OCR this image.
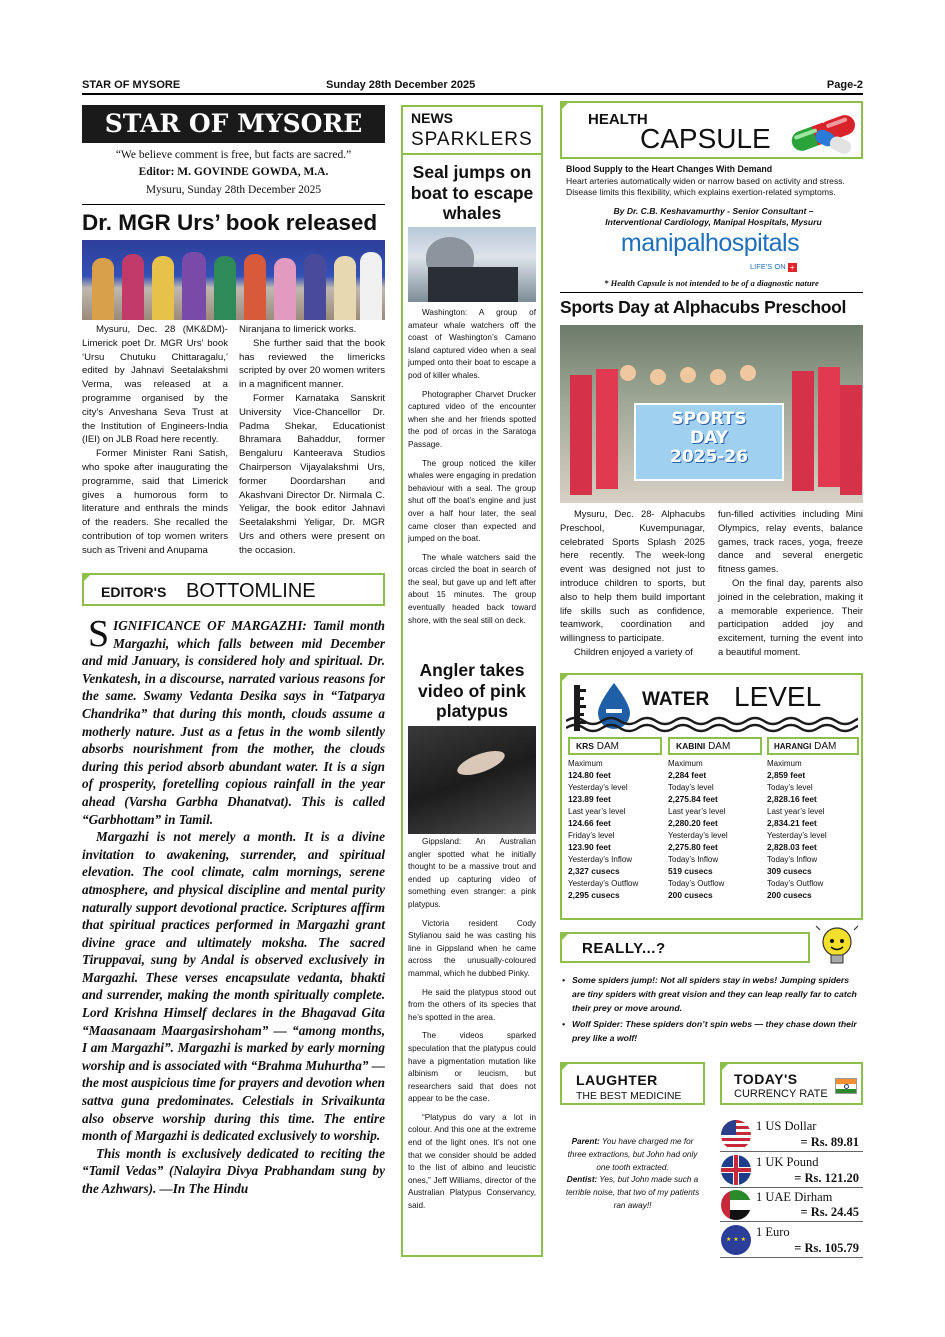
STAR OF MYSORE	Sunday 28th December 2025	Page-2
STAR OF MYSORE
“We believe comment is free, but facts are sacred.”
Editor: M. GOVINDE GOWDA, M.A.
Mysuru, Sunday 28th December 2025
Dr. MGR Urs’ book released

Mysuru, Dec. 28 (MK&DM)- Limerick poet Dr. MGR Urs’ book ‘Ursu Chutuku Chittaragalu,’ edited by Jahnavi Seetalakshmi Verma, was released at a programme organised by the city’s Anveshana Seva Trust at the Institution of Engineers-India (IEI) on JLB Road here recently.

Former Minister Rani Satish, who spoke after inaugurating the programme, said that Limerick gives a humorous form to literature and enthrals the minds of the readers. She recalled the contribution of top women writers such as Triveni and Anupama

Niranjana to limerick works.

She further said that the book has reviewed the limericks scripted by over 20 women writers in a magnificent manner.

Former Karnataka Sanskrit University Vice-Chancellor Dr. Padma Shekar, Educationist Bhramara Bahaddur, former Bengaluru Kanteerava Studios Chairperson Vijayalakshmi Urs, former Doordarshan and Akashvani Director Dr. Nirmala C. Yeligar, the book editor Jahnavi Seetalakshmi Yeligar, Dr. MGR Urs and others were present on the occasion.

EDITOR'S BOTTOMLINE

SIGNIFICANCE OF MARGAZHI: Tamil month Margazhi, which falls between mid December and mid January, is considered holy and spiritual. Dr. Venkatesh, in a discourse, narrated various reasons for the same. Swamy Vedanta Desika says in “Tatparya Chandrika” that during this month, clouds assume a motherly nature. Just as a fetus in the womb silently absorbs nourishment from the mother, the clouds during this period absorb abundant water. It is a sign of prosperity, foretelling copious rainfall in the year ahead (Varsha Garbha Dhanatvat). This is called “Garbhottam” in Tamil.

Margazhi is not merely a month. It is a divine invitation to awakening, surrender, and spiritual elevation. The cool climate, calm mornings, serene atmosphere, and physical discipline and mental purity naturally support devotional practice. Scriptures affirm that spiritual practices performed in Margazhi grant divine grace and ultimately moksha. The sacred Tiruppavai, sung by Andal is observed exclusively in Margazhi. These verses encapsulate vedanta, bhakti and surrender, making the month spiritually complete. Lord Krishna Himself declares in the Bhagavad Gita “Maasanaam Maargasirshoham” — “among months, I am Margazhi”. Margazhi is marked by early morning worship and is associated with “Brahma Muhurtha” — the most auspicious time for prayers and devotion when sattva guna predominates. Celestials in Srivaikunta also observe worship during this time. The entire month of Margazhi is dedicated exclusively to worship.

This month is exclusively dedicated to reciting the “Tamil Vedas” (Nalayira Divya Prabhandam sung by the Azhwars). —In The Hindu

NEWS
SPARKLERS
Seal jumps on boat to escape whales

Washington: A group of amateur whale watchers off the coast of Washington’s Camano Island captured video when a seal jumped onto their boat to escape a pod of killer whales.

Photographer Charvet Drucker captured video of the encounter when she and her friends spotted the pod of orcas in the Saratoga Passage.

The group noticed the killer whales were engaging in predation behaviour with a seal. The group shut off the boat’s engine and just over a half hour later, the seal came closer than expected and jumped on the boat.

The whale watchers said the orcas circled the boat in search of the seal, but gave up and left after about 15 minutes. The group eventually headed back toward shore, with the seal still on deck.

Angler takes video of pink platypus

Gippsland: An Australian angler spotted what he initially thought to be a massive trout and ended up capturing video of something even stranger: a pink platypus.

Victoria resident Cody Stylianou said he was casting his line in Gippsland when he came across the unusually-coloured mammal, which he dubbed Pinky.

He said the platypus stood out from the others of its species that he’s spotted in the area.

The videos sparked speculation that the platypus could have a pigmentation mutation like albinism or leucism, but researchers said that does not appear to be the case.

“Platypus do vary a lot in colour. And this one at the extreme end of the light ones. It’s not one that we consider should be added to the list of albino and leucistic ones,” Jeff Williams, director of the Australian Platypus Conservancy, said.

HEALTH
CAPSULE
Blood Supply to the Heart Changes With Demand
Heart arteries automatically widen or narrow based on activity and stress. Disease limits this flexibility, which explains exertion-related symptoms.
By Dr. C.B. Keshavamurthy - Senior Consultant –
Interventional Cardiology, Manipal Hospitals, Mysuru
manipalhospitals
LIFE'S ON +
* Health Capsule is not intended to be of a diagnostic nature
Sports Day at Alphacubs Preschool
SPORTS
DAY
2025-26

Mysuru, Dec. 28- Alphacubs Preschool, Kuvempunagar, celebrated Sports Splash 2025 here recently. The week-long event was designed not just to introduce children to sports, but also to help them build important life skills such as confidence, teamwork, coordination and willingness to participate.

Children enjoyed a variety of

fun-filled activities including Mini Olympics, relay events, balance games, track races, yoga, freeze dance and several energetic fitness games.

On the final day, parents also joined in the celebration, making it a memorable experience. Their participation added joy and excitement, turning the event into a beautiful moment.

WATER LEVEL
KRS DAM
Maximum
124.80 feet
Yesterday’s level
123.89 feet
Last year’s level
124.66 feet
Friday’s level
123.90 feet
Yesterday’s Inflow
2,327 cusecs
Yesterday’s Outflow
2,295 cusecs
KABINI DAM
Maximum
2,284 feet
Today’s level
2,275.84 feet
Last year’s level
2,280.20 feet
Yesterday’s level
2,275.80 feet
Today’s Inflow
519 cusecs
Today’s Outflow
200 cusecs
HARANGI DAM
Maximum
2,859 feet
Today’s level
2,828.16 feet
Last year’s level
2,834.21 feet
Yesterday’s level
2,828.03 feet
Today’s Inflow
309 cusecs
Today’s Outflow
200 cusecs
REALLY...?
• Some spiders jump!: Not all spiders stay in webs! Jumping spiders are tiny spiders with great vision and they can leap really far to catch their prey or move around.
• Wolf Spider: These spiders don’t spin webs — they chase down their prey like a wolf!
LAUGHTER
THE BEST MEDICINE

Parent: You have charged me for three extractions, but John had only one tooth extracted.

Dentist: Yes, but John made such a terrible noise, that two of my patients ran away!!

TODAY'S
CURRENCY RATE
1 US Dollar
= Rs. 89.81
1 UK Pound
= Rs. 121.20
1 UAE Dirham
= Rs. 24.45
★ ★ ★
1 Euro
= Rs. 105.79
